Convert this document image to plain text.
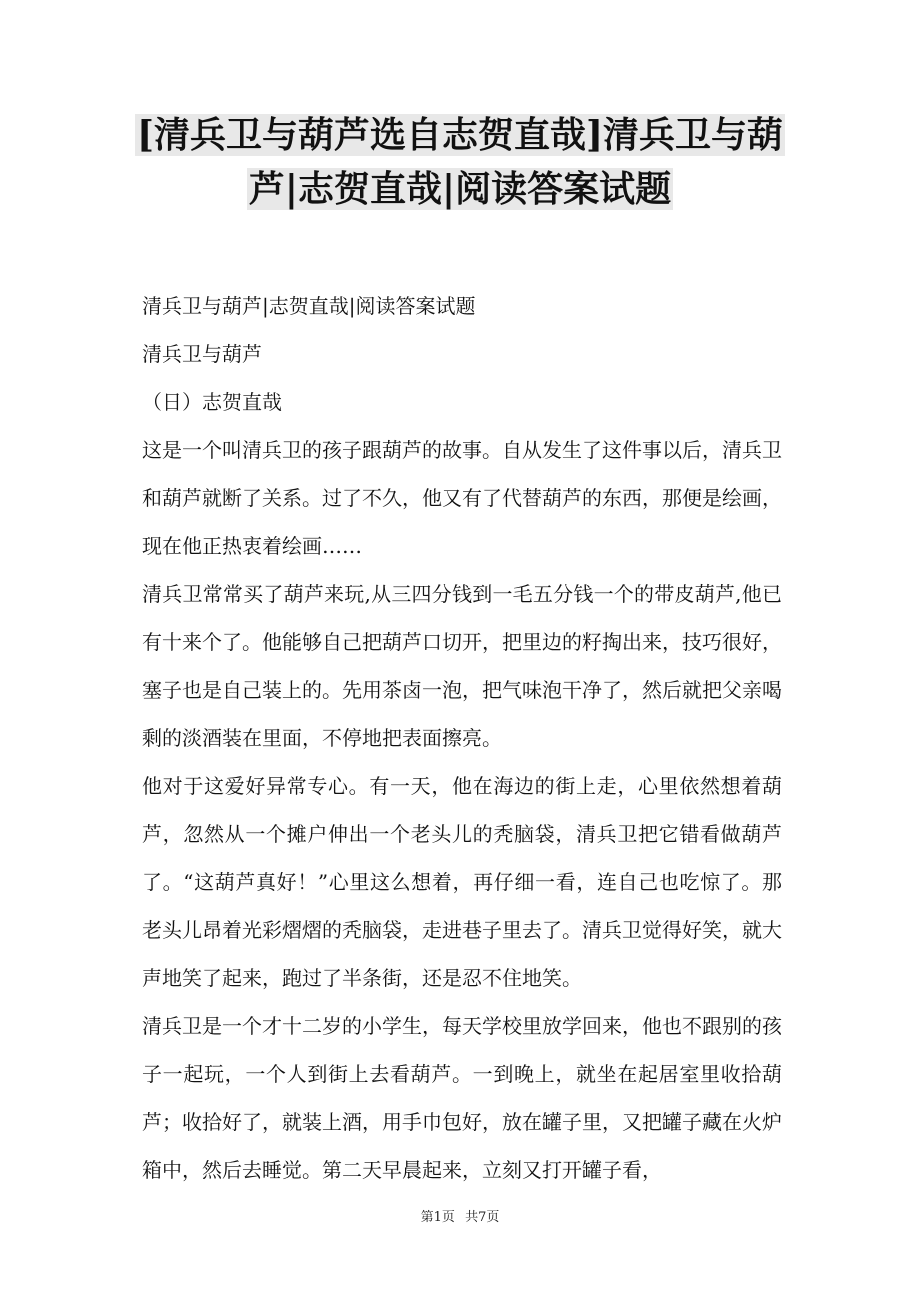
[清兵卫与葫芦选自志贺直哉]清兵卫与葫
芦|志贺直哉|阅读答案试题

清兵卫与葫芦|志贺直哉|阅读答案试题

清兵卫与葫芦

（日）志贺直哉

这是一个叫清兵卫的孩子跟葫芦的故事。自从发生了这件事以后，清兵卫和葫芦就断了关系。过了不久，他又有了代替葫芦的东西，那便是绘画，现在他正热衷着绘画……

清兵卫常常买了葫芦来玩,从三四分钱到一毛五分钱一个的带皮葫芦,他已有十来个了。他能够自己把葫芦口切开，把里边的籽掏出来，技巧很好，塞子也是自己装上的。先用茶卤一泡，把气味泡干净了，然后就把父亲喝剩的淡酒装在里面，不停地把表面擦亮。

他对于这爱好异常专心。有一天，他在海边的街上走，心里依然想着葫芦，忽然从一个摊户伸出一个老头儿的秃脑袋，清兵卫把它错看做葫芦了。“这葫芦真好！”心里这么想着，再仔细一看，连自己也吃惊了。那老头儿昂着光彩熠熠的秃脑袋，走进巷子里去了。清兵卫觉得好笑，就大声地笑了起来，跑过了半条街，还是忍不住地笑。

清兵卫是一个才十二岁的小学生，每天学校里放学回来，他也不跟别的孩子一起玩，一个人到街上去看葫芦。一到晚上，就坐在起居室里收拾葫芦；收拾好了，就装上酒，用手巾包好，放在罐子里，又把罐子藏在火炉箱中，然后去睡觉。第二天早晨起来，立刻又打开罐子看，

第1页 共7页
